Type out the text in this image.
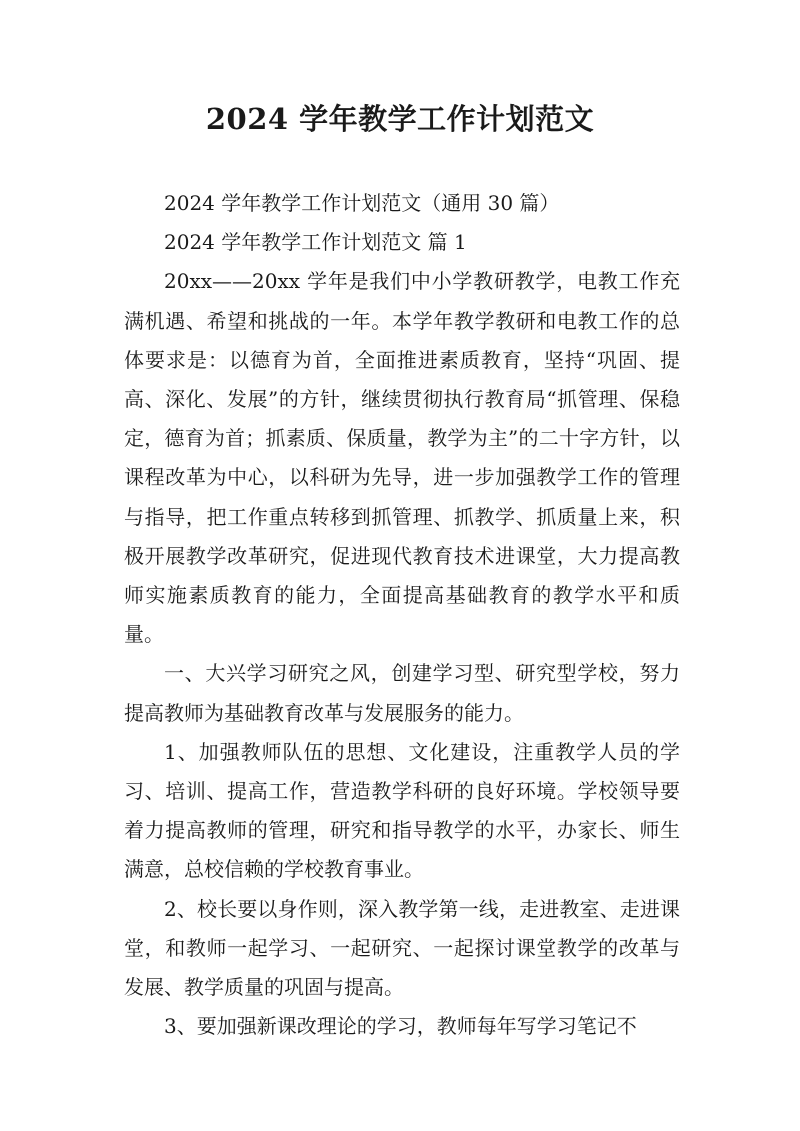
2024 学年教学工作计划范文

2024 学年教学工作计划范文（通用 30 篇）

2024 学年教学工作计划范文 篇 1

20xx——20xx 学年是我们中小学教研教学，电教工作充满机遇、希望和挑战的一年。本学年教学教研和电教工作的总体要求是：以德育为首，全面推进素质教育，坚持“巩固、提高、深化、发展”的方针，继续贯彻执行教育局“抓管理、保稳定，德育为首；抓素质、保质量，教学为主”的二十字方针，以课程改革为中心，以科研为先导，进一步加强教学工作的管理与指导，把工作重点转移到抓管理、抓教学、抓质量上来，积极开展教学改革研究，促进现代教育技术进课堂，大力提高教师实施素质教育的能力，全面提高基础教育的教学水平和质量。

一、大兴学习研究之风，创建学习型、研究型学校，努力提高教师为基础教育改革与发展服务的能力。

1、加强教师队伍的思想、文化建设，注重教学人员的学习、培训、提高工作，营造教学科研的良好环境。学校领导要着力提高教师的管理，研究和指导教学的水平，办家长、师生满意，总校信赖的学校教育事业。

2、校长要以身作则，深入教学第一线，走进教室、走进课堂，和教师一起学习、一起研究、一起探讨课堂教学的改革与发展、教学质量的巩固与提高。

3、要加强新课改理论的学习，教师每年写学习笔记不
